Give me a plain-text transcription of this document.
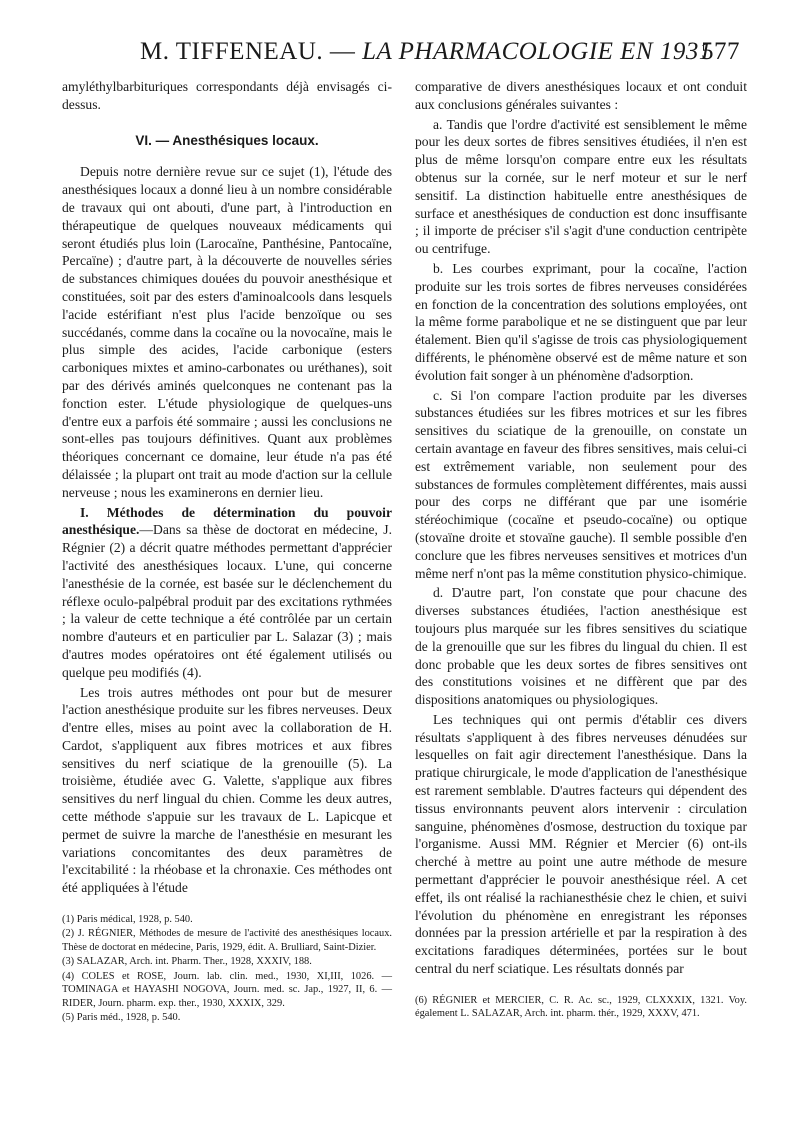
M. TIFFENEAU. — LA PHARMACOLOGIE EN 1931
577

amyléthylbarbituriques correspondants déjà envisagés ci-dessus.

VI. — Anesthésiques locaux.

Depuis notre dernière revue sur ce sujet (1), l'étude des anesthésiques locaux a donné lieu à un nombre considérable de travaux qui ont abouti, d'une part, à l'introduction en thérapeutique de quelques nouveaux médicaments qui seront étudiés plus loin (Larocaïne, Panthésine, Pantocaïne, Percaïne) ; d'autre part, à la découverte de nouvelles séries de substances chimiques douées du pouvoir anesthésique et constituées, soit par des esters d'aminoalcools dans lesquels l'acide estérifiant n'est plus l'acide benzoïque ou ses succédanés, comme dans la cocaïne ou la novocaïne, mais le plus simple des acides, l'acide carbonique (esters carboniques mixtes et amino-carbonates ou uréthanes), soit par des dérivés aminés quelconques ne contenant pas la fonction ester. L'étude physiologique de quelques-uns d'entre eux a parfois été sommaire ; aussi les conclusions ne sont-elles pas toujours définitives. Quant aux problèmes théoriques concernant ce domaine, leur étude n'a pas été délaissée ; la plupart ont trait au mode d'action sur la cellule nerveuse ; nous les examinerons en dernier lieu.

I. Méthodes de détermination du pouvoir anesthésique.—Dans sa thèse de doctorat en médecine, J. Régnier (2) a décrit quatre méthodes permettant d'apprécier l'activité des anesthésiques locaux. L'une, qui concerne l'anesthésie de la cornée, est basée sur le déclenchement du réflexe oculo-palpébral produit par des excitations rythmées ; la valeur de cette technique a été contrôlée par un certain nombre d'auteurs et en particulier par L. Salazar (3) ; mais d'autres modes opératoires ont été également utilisés ou quelque peu modifiés (4).

Les trois autres méthodes ont pour but de mesurer l'action anesthésique produite sur les fibres nerveuses. Deux d'entre elles, mises au point avec la collaboration de H. Cardot, s'appliquent aux fibres motrices et aux fibres sensitives du nerf sciatique de la grenouille (5). La troisième, étudiée avec G. Valette, s'applique aux fibres sensitives du nerf lingual du chien. Comme les deux autres, cette méthode s'appuie sur les travaux de L. Lapicque et permet de suivre la marche de l'anesthésie en mesurant les variations concomitantes des deux paramètres de l'excitabilité : la rhéobase et la chronaxie. Ces méthodes ont été appliquées à l'étude

(1) Paris médical, 1928, p. 540.
(2) J. RÉGNIER, Méthodes de mesure de l'activité des anesthésiques locaux. Thèse de doctorat en médecine, Paris, 1929, édit. A. Brulliard, Saint-Dizier.
(3) SALAZAR, Arch. int. Pharm. Ther., 1928, XXXIV, 188.
(4) COLES et ROSE, Journ. lab. clin. med., 1930, XI,III, 1026. — TOMINAGA et HAYASHI NOGOVA, Journ. med. sc. Jap., 1927, II, 6. — RIDER, Journ. pharm. exp. ther., 1930, XXXIX, 329.
(5) Paris méd., 1928, p. 540.

comparative de divers anesthésiques locaux et ont conduit aux conclusions générales suivantes :

a. Tandis que l'ordre d'activité est sensiblement le même pour les deux sortes de fibres sensitives étudiées, il n'en est plus de même lorsqu'on compare entre eux les résultats obtenus sur la cornée, sur le nerf moteur et sur le nerf sensitif. La distinction habituelle entre anesthésiques de surface et anesthésiques de conduction est donc insuffisante ; il importe de préciser s'il s'agit d'une conduction centripète ou centrifuge.

b. Les courbes exprimant, pour la cocaïne, l'action produite sur les trois sortes de fibres nerveuses considérées en fonction de la concentration des solutions employées, ont la même forme parabolique et ne se distinguent que par leur étalement. Bien qu'il s'agisse de trois cas physiologiquement différents, le phénomène observé est de même nature et son évolution fait songer à un phénomène d'adsorption.

c. Si l'on compare l'action produite par les diverses substances étudiées sur les fibres motrices et sur les fibres sensitives du sciatique de la grenouille, on constate un certain avantage en faveur des fibres sensitives, mais celui-ci est extrêmement variable, non seulement pour des substances de formules complètement différentes, mais aussi pour des corps ne différant que par une isomérie stéréochimique (cocaïne et pseudo-cocaïne) ou optique (stovaïne droite et stovaïne gauche). Il semble possible d'en conclure que les fibres nerveuses sensitives et motrices d'un même nerf n'ont pas la même constitution physico-chimique.

d. D'autre part, l'on constate que pour chacune des diverses substances étudiées, l'action anesthésique est toujours plus marquée sur les fibres sensitives du sciatique de la grenouille que sur les fibres du lingual du chien. Il est donc probable que les deux sortes de fibres sensitives ont des constitutions voisines et ne diffèrent que par des dispositions anatomiques ou physiologiques.

Les techniques qui ont permis d'établir ces divers résultats s'appliquent à des fibres nerveuses dénudées sur lesquelles on fait agir directement l'anesthésique. Dans la pratique chirurgicale, le mode d'application de l'anesthésique est rarement semblable. D'autres facteurs qui dépendent des tissus environnants peuvent alors intervenir : circulation sanguine, phénomènes d'osmose, destruction du toxique par l'organisme. Aussi MM. Régnier et Mercier (6) ont-ils cherché à mettre au point une autre méthode de mesure permettant d'apprécier le pouvoir anesthésique réel. A cet effet, ils ont réalisé la rachianesthésie chez le chien, et suivi l'évolution du phénomène en enregistrant les réponses données par la pression artérielle et par la respiration à des excitations faradiques déterminées, portées sur le bout central du nerf sciatique. Les résultats donnés par

(6) RÉGNIER et MERCIER, C. R. Ac. sc., 1929, CLXXXIX, 1321. Voy. également L. SALAZAR, Arch. int. pharm. thér., 1929, XXXV, 471.
